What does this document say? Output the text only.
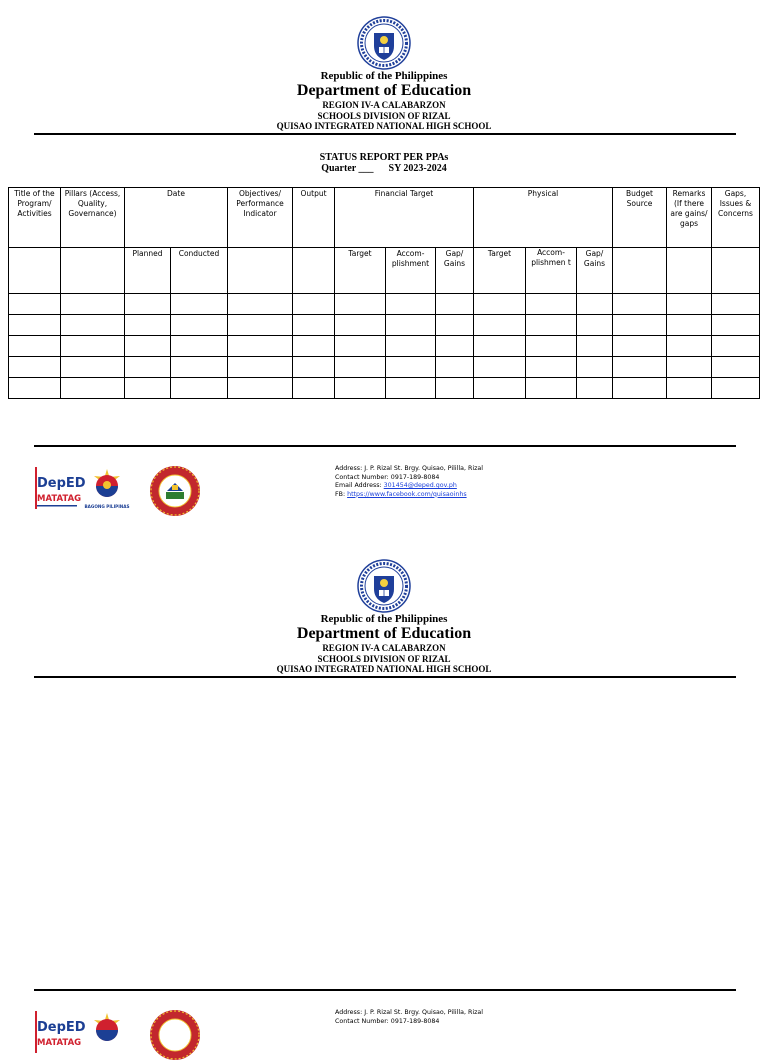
Republic of the Philippines
Department of Education
REGION IV-A CALABARZON
SCHOOLS DIVISION OF RIZAL
QUISAO INTEGRATED NATIONAL HIGH SCHOOL
STATUS REPORT PER PPAs
Quarter ___      SY 2023-2024
Title of the Program/ Activities	Pillars (Access, Quality, Governance)	Date		Objectives/ Performance Indicator	Output	Financial Target			Physical			Budget Source	Remarks (If there are gains/ gaps	Gaps, Issues & Concerns
		Planned	Conducted			Target	Accom- plishment	Gap/ Gains	Target	Accom- plishmen t	Gap/ Gains			

DepED
MATATAG
BAGONG PILIPINAS
Address: J. P. Rizal St. Brgy. Quisao, Pililla, Rizal
Contact Number: 0917-189-8084
Email Address: 301454@deped.gov.ph
FB: https://www.facebook.com/quisaoinhs
Republic of the Philippines
Department of Education
REGION IV-A CALABARZON
SCHOOLS DIVISION OF RIZAL
QUISAO INTEGRATED NATIONAL HIGH SCHOOL
DepED
MATATAG
Address: J. P. Rizal St. Brgy. Quisao, Pililla, Rizal
Contact Number: 0917-189-8084
